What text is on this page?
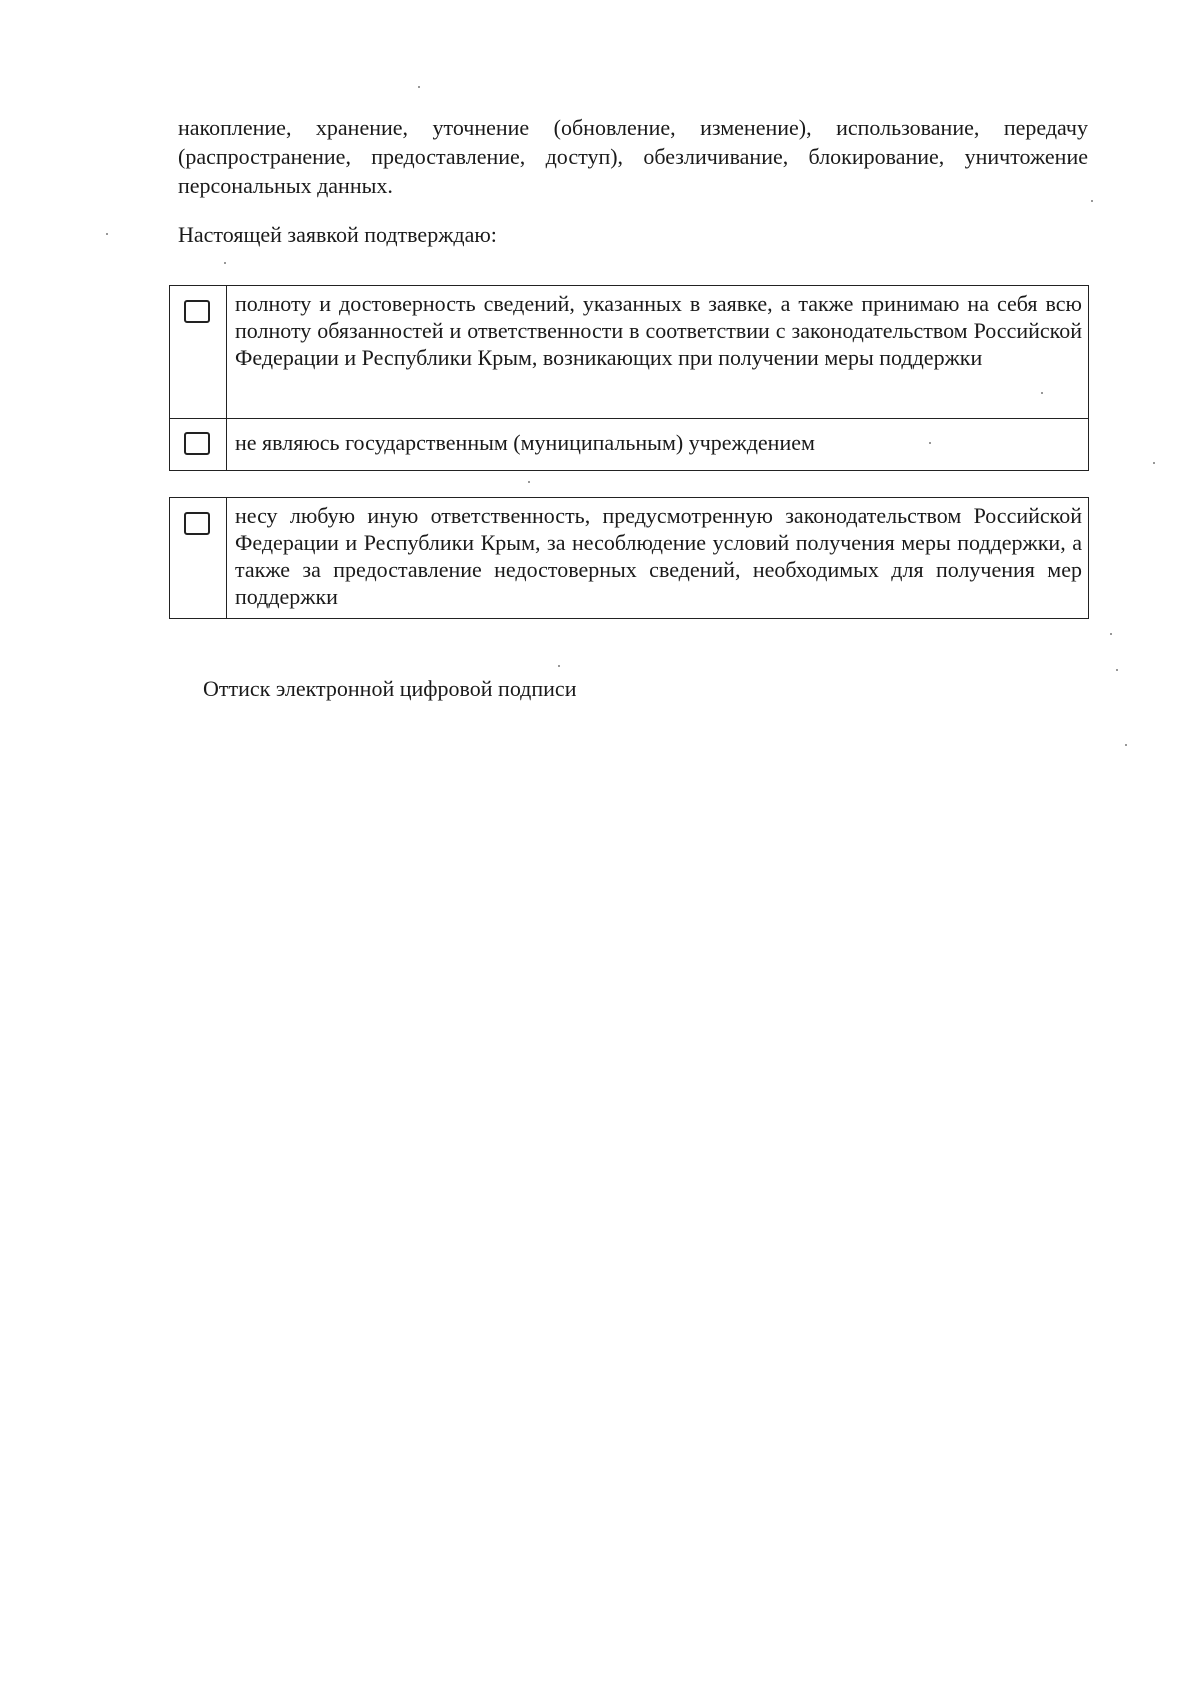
накопление, хранение, уточнение (обновление, изменение), использование, передачу (распространение, предоставление, доступ), обезличивание, блокирование, уничтожение персональных данных.

Настоящей заявкой подтверждаю:

	полноту и достоверность сведений, указанных в заявке, а также принимаю на себя всю полноту обязанностей и ответственности в соответствии с законодательством Российской Федерации и Республики Крым, возникающих при получении меры поддержки

	не являюсь государственным (муниципальным) учреждением
	несу любую иную ответственность, предусмотренную законодательством Российской Федерации и Республики Крым, за несоблюдение условий получения меры поддержки, а также за предоставление недостоверных сведений, необходимых для получения мер поддержки

Оттиск электронной цифровой подписи
